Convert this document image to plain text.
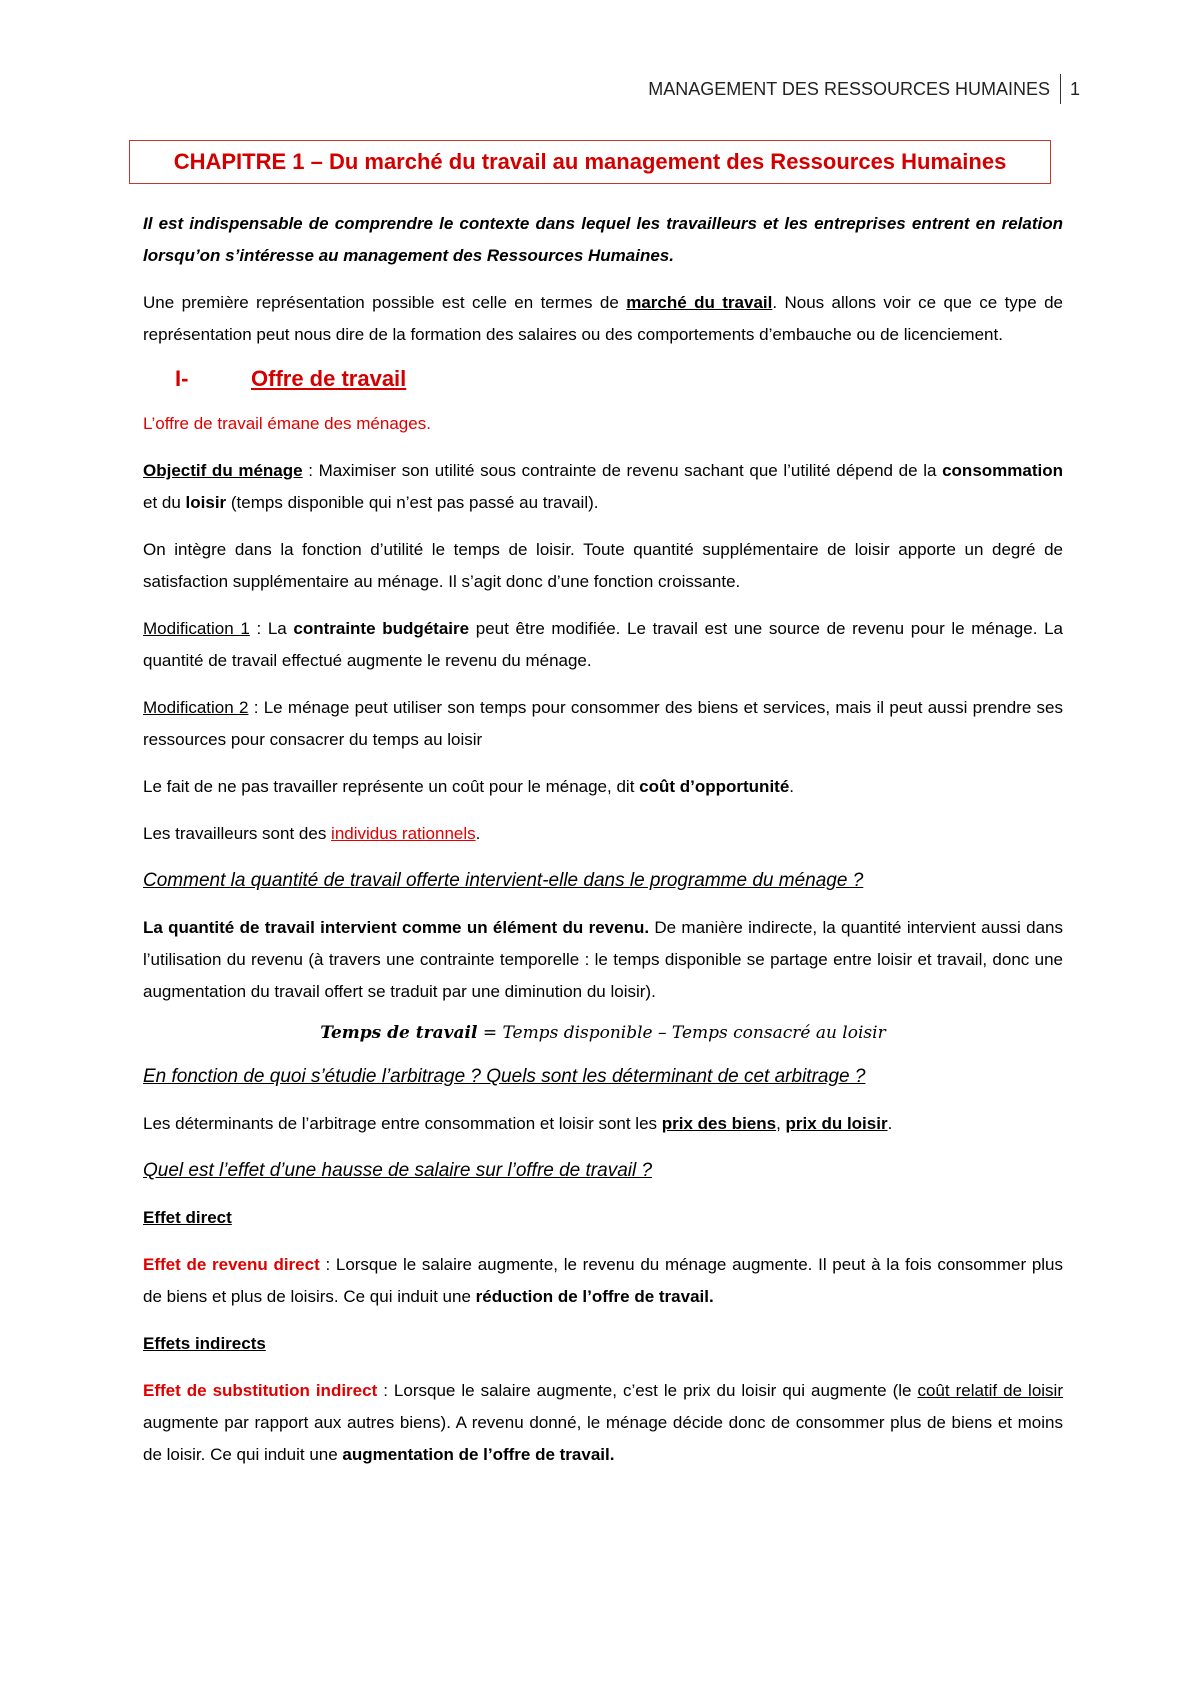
MANAGEMENT DES RESSOURCES HUMAINES 1
CHAPITRE 1 – Du marché du travail au management des Ressources Humaines

Il est indispensable de comprendre le contexte dans lequel les travailleurs et les entreprises entrent en relation lorsqu’on s’intéresse au management des Ressources Humaines.

Une première représentation possible est celle en termes de marché du travail. Nous allons voir ce que ce type de représentation peut nous dire de la formation des salaires ou des comportements d’embauche ou de licenciement.

I-	Offre de travail

L’offre de travail émane des ménages.

Objectif du ménage : Maximiser son utilité sous contrainte de revenu sachant que l’utilité dépend de la consommation et du loisir (temps disponible qui n’est pas passé au travail).

On intègre dans la fonction d’utilité le temps de loisir. Toute quantité supplémentaire de loisir apporte un degré de satisfaction supplémentaire au ménage. Il s’agit donc d’une fonction croissante.

Modification 1 : La contrainte budgétaire peut être modifiée. Le travail est une source de revenu pour le ménage. La quantité de travail effectué augmente le revenu du ménage.

Modification 2 : Le ménage peut utiliser son temps pour consommer des biens et services, mais il peut aussi prendre ses ressources pour consacrer du temps au loisir

Le fait de ne pas travailler représente un coût pour le ménage, dit coût d’opportunité.

Les travailleurs sont des individus rationnels.

Comment la quantité de travail offerte intervient-elle dans le programme du ménage ?

La quantité de travail intervient comme un élément du revenu. De manière indirecte, la quantité intervient aussi dans l’utilisation du revenu (à travers une contrainte temporelle : le temps disponible se partage entre loisir et travail, donc une augmentation du travail offert se traduit par une diminution du loisir).

Temps de travail = Temps disponible – Temps consacré au loisir
En fonction de quoi s’étudie l’arbitrage ? Quels sont les déterminant de cet arbitrage ?

Les déterminants de l’arbitrage entre consommation et loisir sont les prix des biens, prix du loisir.

Quel est l’effet d’une hausse de salaire sur l’offre de travail ?
Effet direct

Effet de revenu direct : Lorsque le salaire augmente, le revenu du ménage augmente. Il peut à la fois consommer plus de biens et plus de loisirs. Ce qui induit une réduction de l’offre de travail.

Effets indirects

Effet de substitution indirect : Lorsque le salaire augmente, c’est le prix du loisir qui augmente (le coût relatif de loisir augmente par rapport aux autres biens). A revenu donné, le ménage décide donc de consommer plus de biens et moins de loisir. Ce qui induit une augmentation de l’offre de travail.
